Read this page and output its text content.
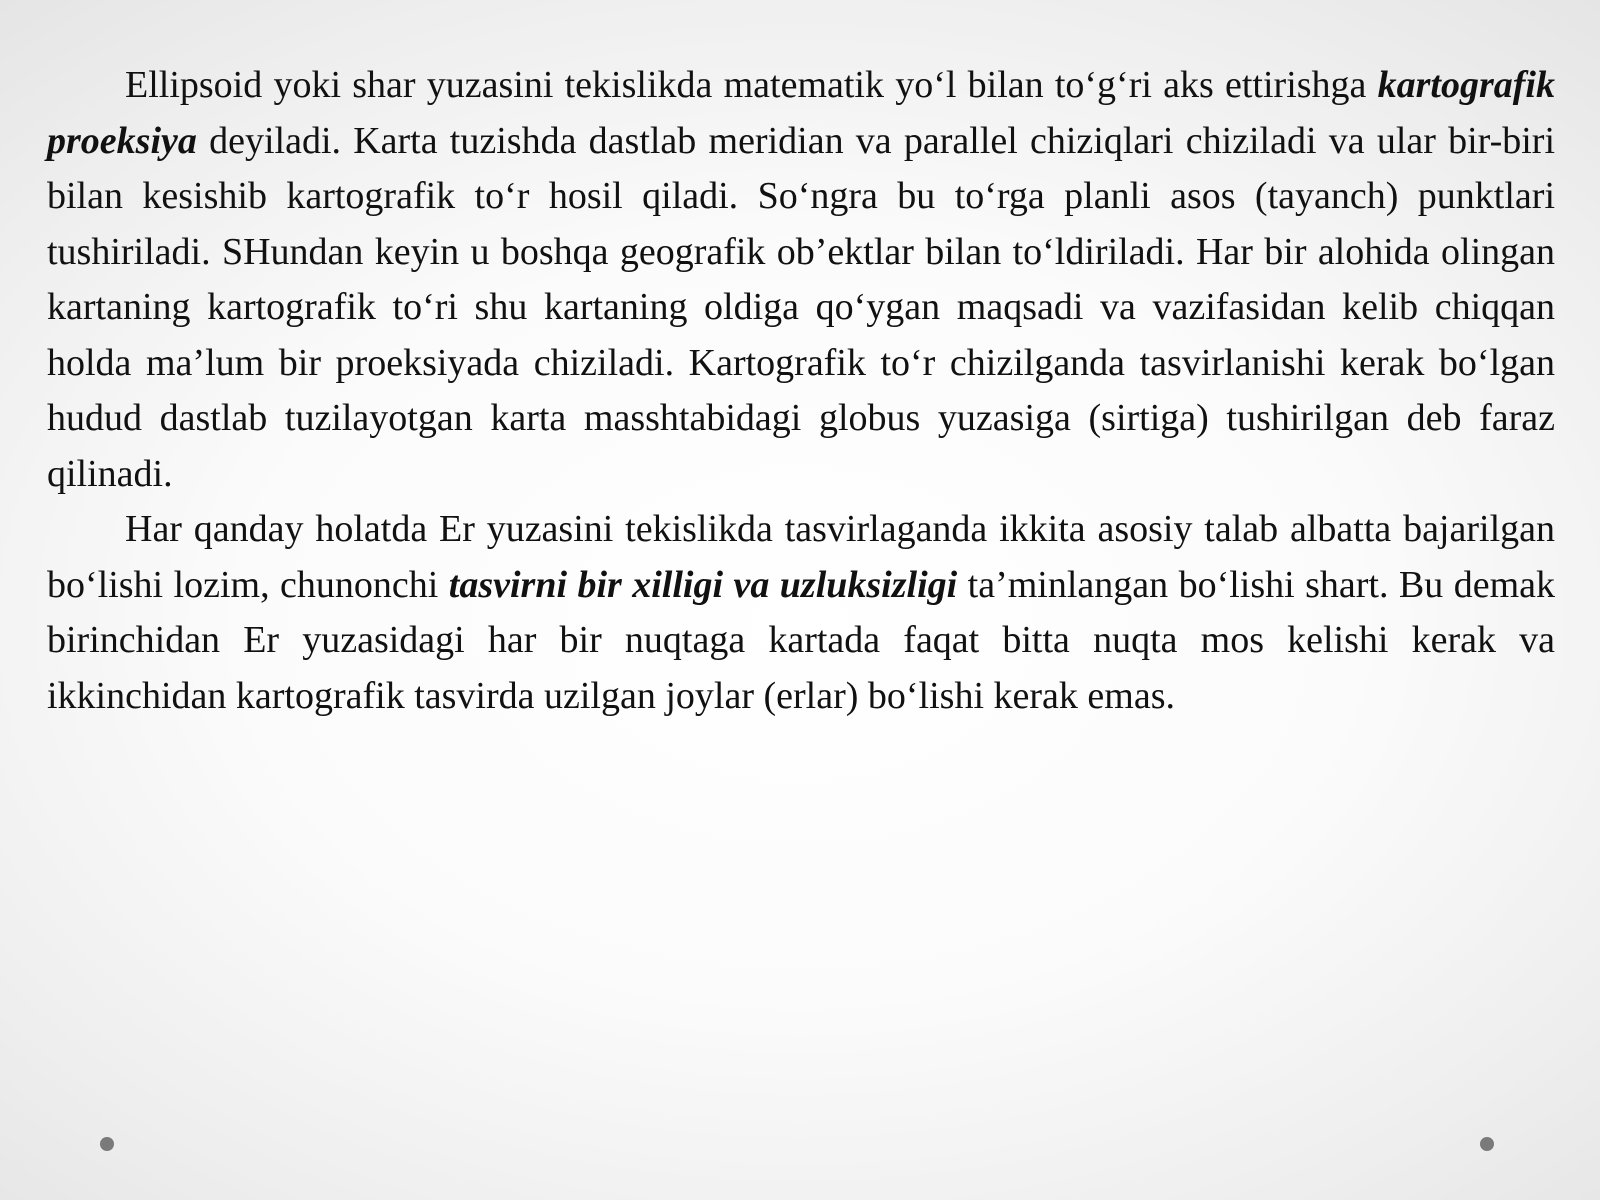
Ellipsoid yoki shar yuzasini tekislikda matematik yo‘l bilan to‘g‘ri aks ettirishga kartografik proeksiya deyiladi. Karta tuzishda dastlab meridian va parallel chiziqlari chiziladi va ular bir-biri bilan kesishib kartografik to‘r hosil qiladi. So‘ngra bu to‘rga planli asos (tayanch) punktlari tushiriladi. SHundan keyin u boshqa geografik ob’ektlar bilan to‘ldiriladi. Har bir alohida olingan kartaning kartografik to‘ri shu kartaning oldiga qo‘ygan maqsadi va vazifasidan kelib chiqqan holda ma’lum bir proeksiyada chiziladi. Kartografik to‘r chizilganda tasvirlanishi kerak bo‘lgan hudud dastlab tuzilayotgan karta masshtabidagi globus yuzasiga (sirtiga) tushirilgan deb faraz qilinadi.

Har qanday holatda Er yuzasini tekislikda tasvirlaganda ikkita asosiy talab albatta bajarilgan bo‘lishi lozim, chunonchi tasvirni bir xilligi va uzluksizligi ta’minlangan bo‘lishi shart. Bu demak birinchidan Er yuzasidagi har bir nuqtaga kartada faqat bitta nuqta mos kelishi kerak va ikkinchidan kartografik tasvirda uzilgan joylar (erlar) bo‘lishi kerak emas.
